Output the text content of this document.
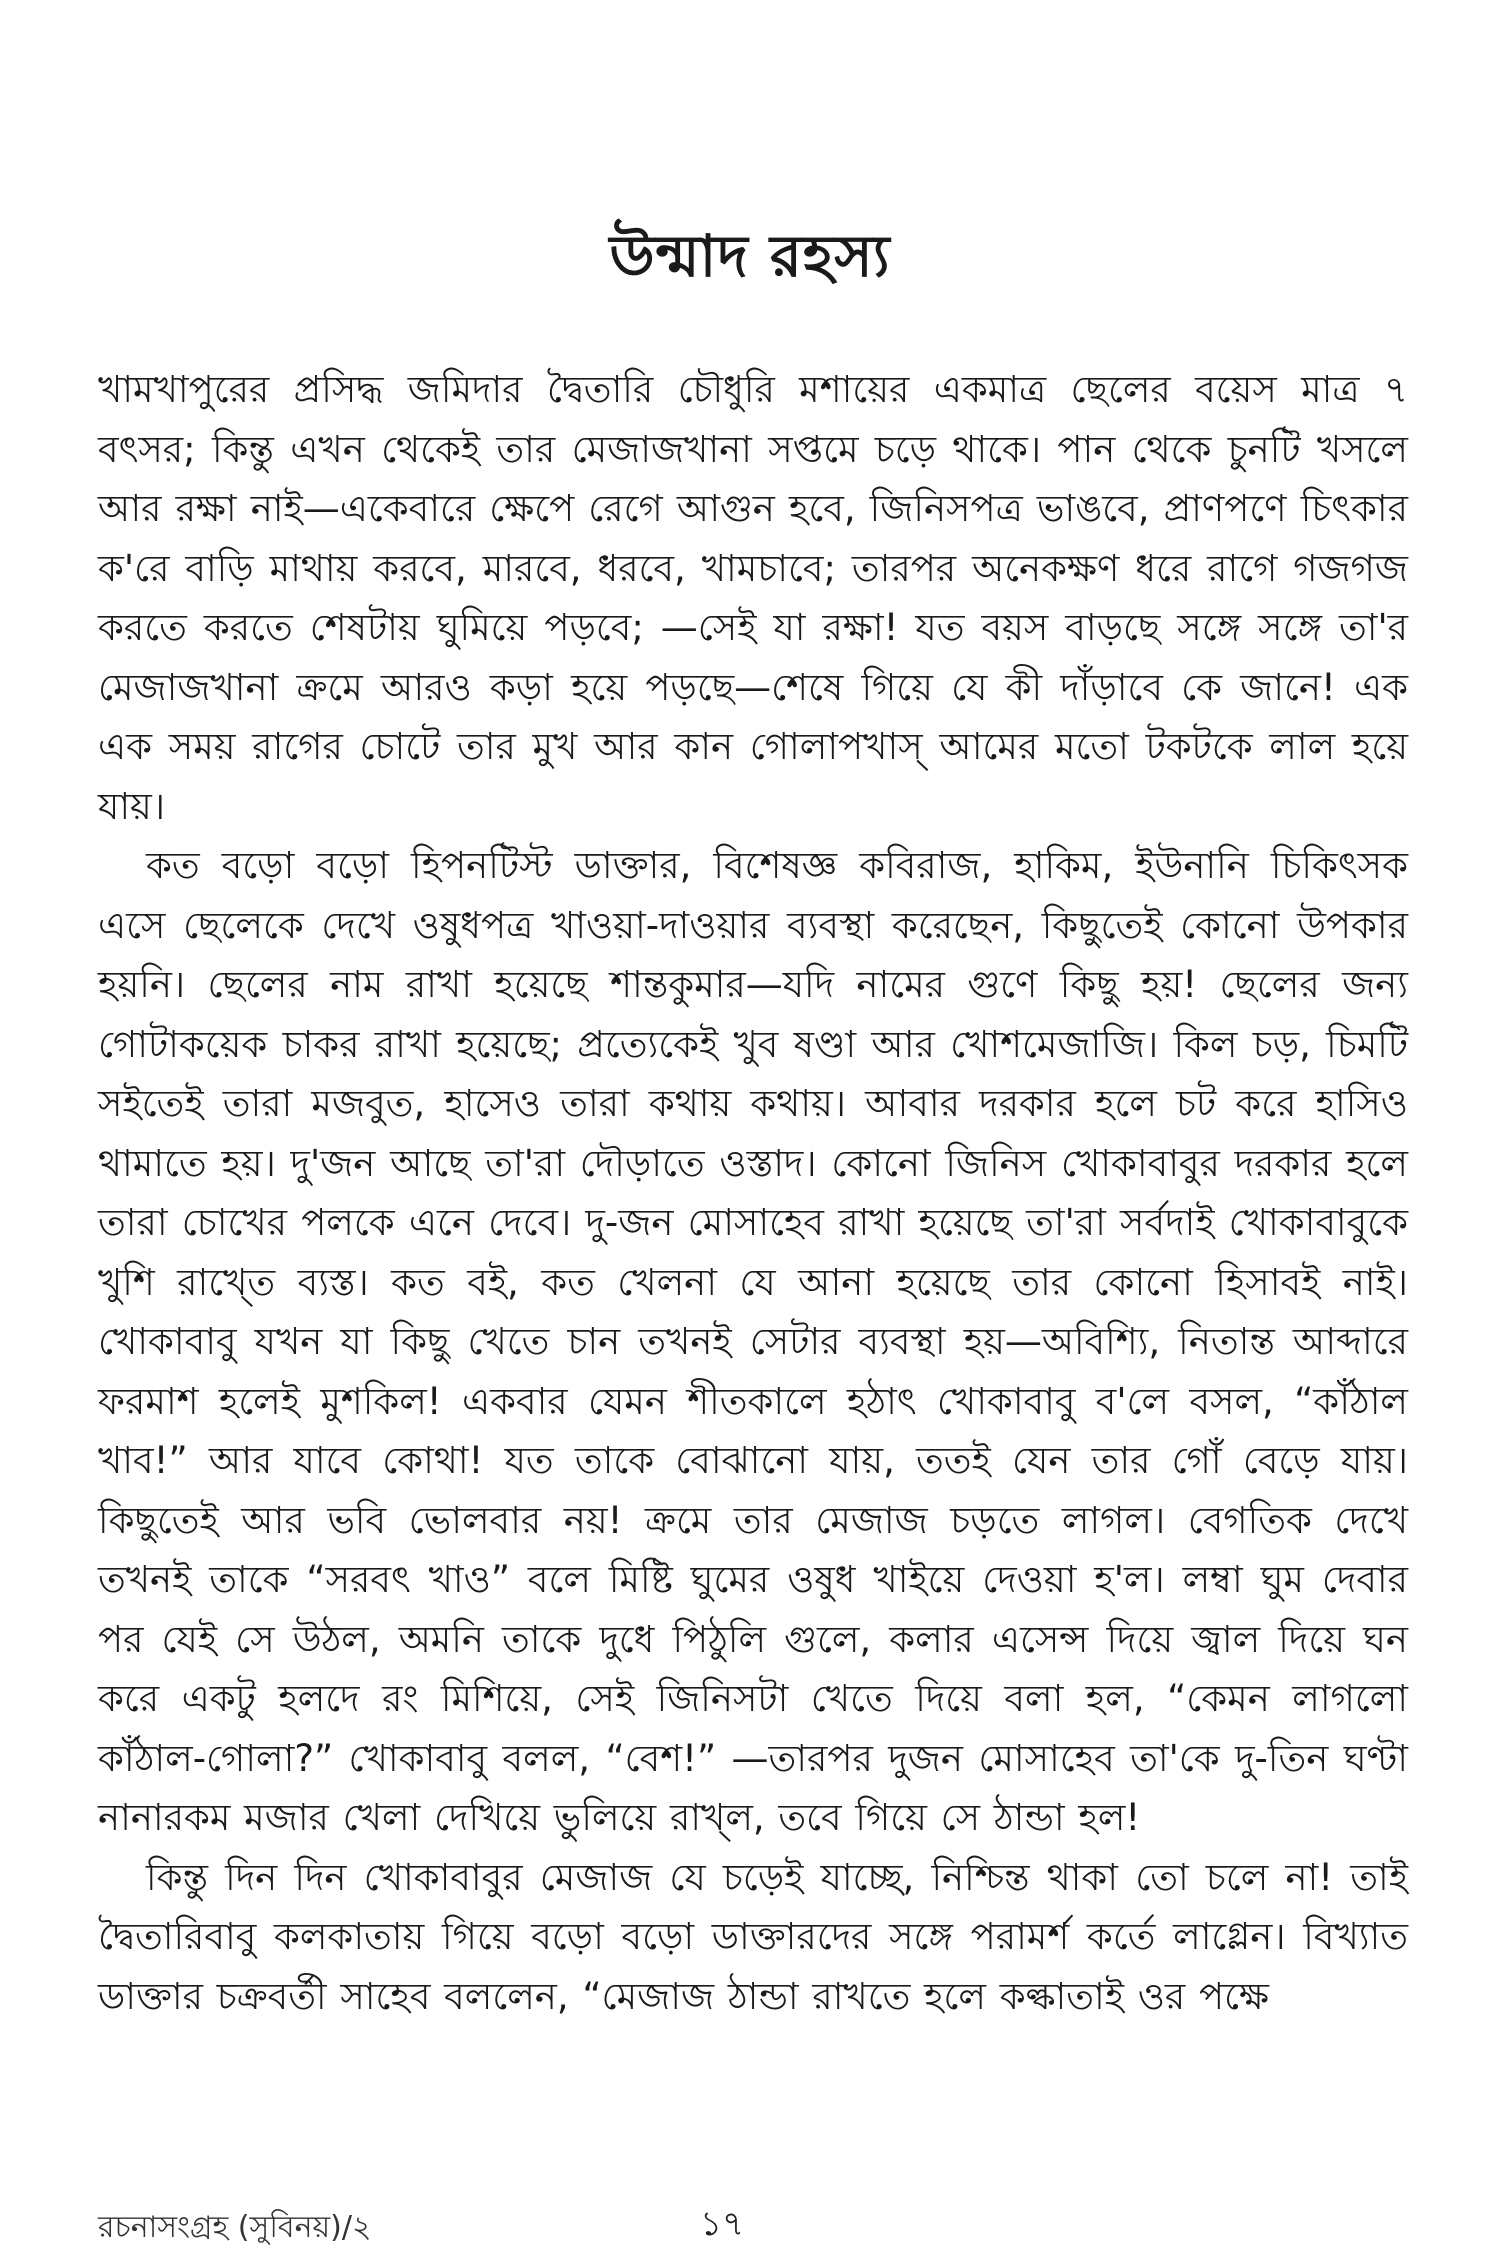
উন্মাদ রহস্য

খামখাপুরের প্রসিদ্ধ জমিদার দ্বৈতারি চৌধুরি মশায়ের একমাত্র ছেলের বয়েস মাত্র ৭ বৎসর; কিন্তু এখন থেকেই তার মেজাজখানা সপ্তমে চড়ে থাকে। পান থেকে চুনটি খসলে আর রক্ষা নাই—একেবারে ক্ষেপে রেগে আগুন হবে, জিনিসপত্র ভাঙবে, প্রাণপণে চিৎকার ক'রে বাড়ি মাথায় করবে, মারবে, ধরবে, খামচাবে; তারপর অনেকক্ষণ ধরে রাগে গজগজ করতে করতে শেষটায় ঘুমিয়ে পড়বে; —সেই যা রক্ষা! যত বয়স বাড়ছে সঙ্গে সঙ্গে তা'র মেজাজখানা ক্রমে আরও কড়া হয়ে পড়ছে—শেষে গিয়ে যে কী দাঁড়াবে কে জানে! এক এক সময় রাগের চোটে তার মুখ আর কান গোলাপখাস্ আমের মতো টকটকে লাল হয়ে যায়।

কত বড়ো বড়ো হিপনটিস্ট ডাক্তার, বিশেষজ্ঞ কবিরাজ, হাকিম, ইউনানি চিকিৎসক এসে ছেলেকে দেখে ওষুধপত্র খাওয়া-দাওয়ার ব্যবস্থা করেছেন, কিছুতেই কোনো উপকার হয়নি। ছেলের নাম রাখা হয়েছে শান্তকুমার—যদি নামের গুণে কিছু হয়! ছেলের জন্য গোটাকয়েক চাকর রাখা হয়েছে; প্রত্যেকেই খুব ষণ্ডা আর খোশমেজাজি। কিল চড়, চিমটি সইতেই তারা মজবুত, হাসেও তারা কথায় কথায়। আবার দরকার হলে চট করে হাসিও থামাতে হয়। দু'জন আছে তা'রা দৌড়াতে ওস্তাদ। কোনো জিনিস খোকাবাবুর দরকার হলে তারা চোখের পলকে এনে দেবে। দু-জন মোসাহেব রাখা হয়েছে তা'রা সর্বদাই খোকাবাবুকে খুশি রাখ্তে ব্যস্ত। কত বই, কত খেলনা যে আনা হয়েছে তার কোনো হিসাবই নাই। খোকাবাবু যখন যা কিছু খেতে চান তখনই সেটার ব্যবস্থা হয়—অবিশ্যি, নিতান্ত আব্দারে ফরমাশ হলেই মুশকিল! একবার যেমন শীতকালে হঠাৎ খোকাবাবু ব'লে বসল, “কাঁঠাল খাব!” আর যাবে কোথা! যত তাকে বোঝানো যায়, ততই যেন তার গোঁ বেড়ে যায়। কিছুতেই আর ভবি ভোলবার নয়! ক্রমে তার মেজাজ চড়তে লাগল। বেগতিক দেখে তখনই তাকে “সরবৎ খাও” বলে মিষ্টি ঘুমের ওষুধ খাইয়ে দেওয়া হ'ল। লম্বা ঘুম দেবার পর যেই সে উঠল, অমনি তাকে দুধে পিঠুলি গুলে, কলার এসেন্স দিয়ে জ্বাল দিয়ে ঘন করে একটু হলদে রং মিশিয়ে, সেই জিনিসটা খেতে দিয়ে বলা হল, “কেমন লাগলো কাঁঠাল-গোলা?” খোকাবাবু বলল, “বেশ!” —তারপর দুজন মোসাহেব তা'কে দু-তিন ঘণ্টা নানারকম মজার খেলা দেখিয়ে ভুলিয়ে রাখ্ল, তবে গিয়ে সে ঠান্ডা হল!

কিন্তু দিন দিন খোকাবাবুর মেজাজ যে চড়েই যাচ্ছে, নিশ্চিন্ত থাকা তো চলে না! তাই দ্বৈতারিবাবু কলকাতায় গিয়ে বড়ো বড়ো ডাক্তারদের সঙ্গে পরামর্শ কর্তে লাগ্লেন। বিখ্যাত ডাক্তার চক্রবর্তী সাহেব বললেন, “মেজাজ ঠান্ডা রাখতে হলে কল্কাতাই ওর পক্ষে

রচনাসংগ্রহ (সুবিনয়)/২	১৭
